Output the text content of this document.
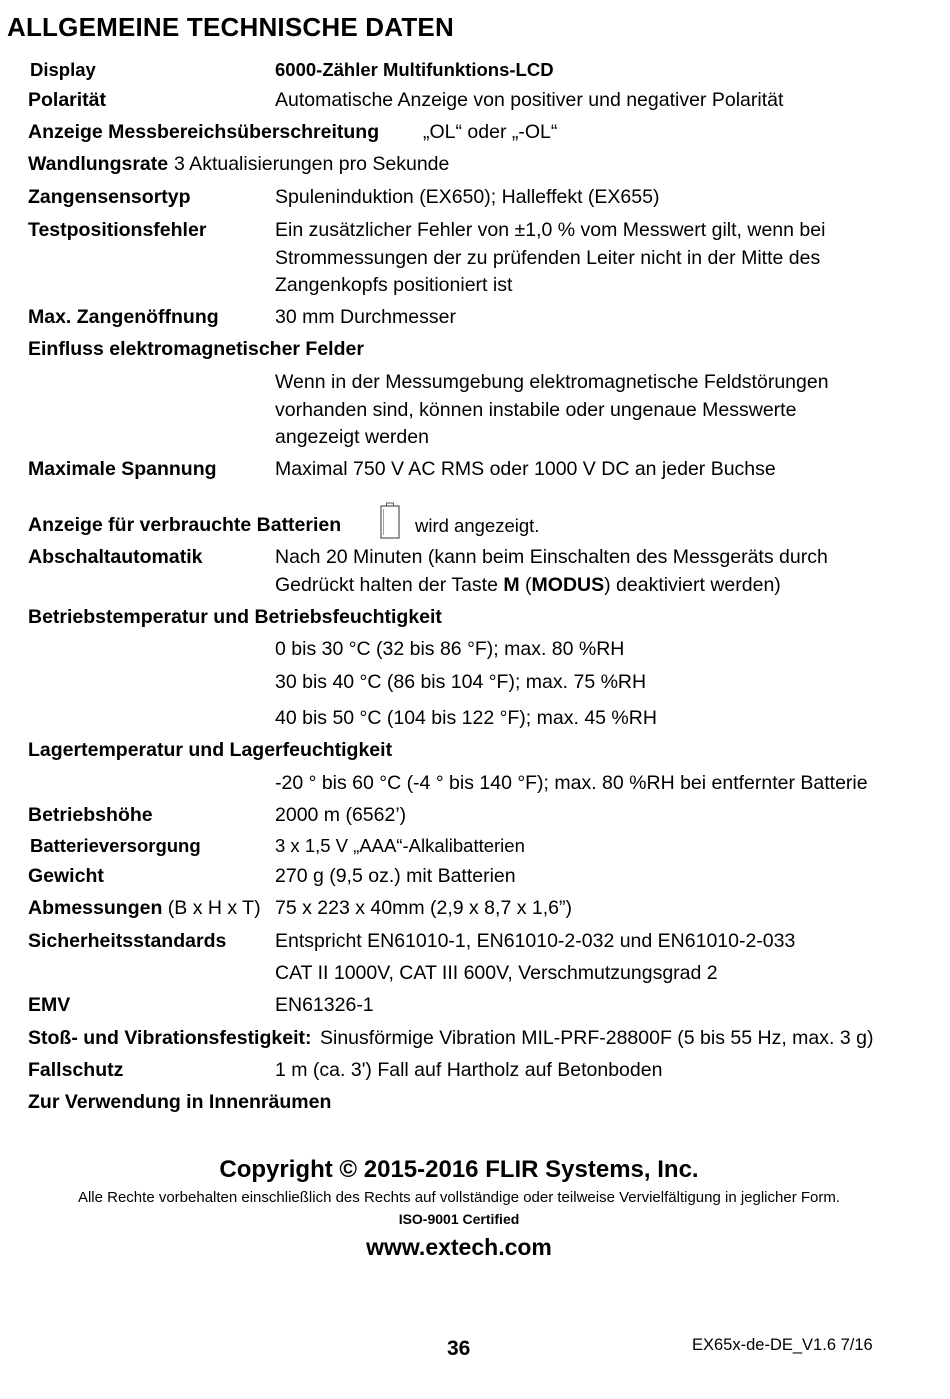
ALLGEMEINE TECHNISCHE DATEN
Display	6000-Zähler Multifunktions-LCD
Polarität	Automatische Anzeige von positiver und negativer Polarität
Anzeige Messbereichsüberschreitung „OL“ oder „-OL“
Wandlungsrate 3 Aktualisierungen pro Sekunde
Zangensensortyp	Spuleninduktion (EX650); Halleffekt (EX655)
Testpositionsfehler	Ein zusätzlicher Fehler von ±1,0 % vom Messwert gilt, wenn bei Strommessungen der zu prüfenden Leiter nicht in der Mitte des Zangenkopfs positioniert ist
Max. Zangenöffnung	30 mm Durchmesser
Einfluss elektromagnetischer Felder
Wenn in der Messumgebung elektromagnetische Feldstörungen vorhanden sind, können instabile oder ungenaue Messwerte angezeigt werden
Maximale Spannung	Maximal 750 V AC RMS oder 1000 V DC an jeder Buchse
Anzeige für verbrauchte Batterien	wird angezeigt.
Abschaltautomatik	Nach 20 Minuten (kann beim Einschalten des Messgeräts durch Gedrückt halten der Taste M (MODUS) deaktiviert werden)
Betriebstemperatur und Betriebsfeuchtigkeit
0 bis 30 °C (32 bis 86 °F); max. 80 %RH
30 bis 40 °C (86 bis 104 °F); max. 75 %RH
40 bis 50 °C (104 bis 122 °F); max. 45 %RH
Lagertemperatur und Lagerfeuchtigkeit
-20 ° bis 60 °C (-4 ° bis 140 °F); max. 80 %RH bei entfernter Batterie
Betriebshöhe	2000 m (6562’)
Batterieversorgung	3 x 1,5 V „AAA“-Alkalibatterien
Gewicht	270 g (9,5 oz.) mit Batterien
Abmessungen (B x H x T) 75 x 223 x 40mm (2,9 x 8,7 x 1,6”)
Sicherheitsstandards Entspricht EN61010-1, EN61010-2-032 und EN61010-2-033
CAT II 1000V, CAT III 600V, Verschmutzungsgrad 2
EMV	EN61326-1
Stoß- und Vibrationsfestigkeit: Sinusförmige Vibration MIL-PRF-28800F (5 bis 55 Hz, max. 3 g)
Fallschutz	1 m (ca. 3') Fall auf Hartholz auf Betonboden
Zur Verwendung in Innenräumen
Copyright © 2015-2016 FLIR Systems, Inc.
Alle Rechte vorbehalten einschließlich des Rechts auf vollständige oder teilweise Vervielfältigung in jeglicher Form.
ISO-9001 Certified
www.extech.com
36	EX65x-de-DE_V1.6 7/16
